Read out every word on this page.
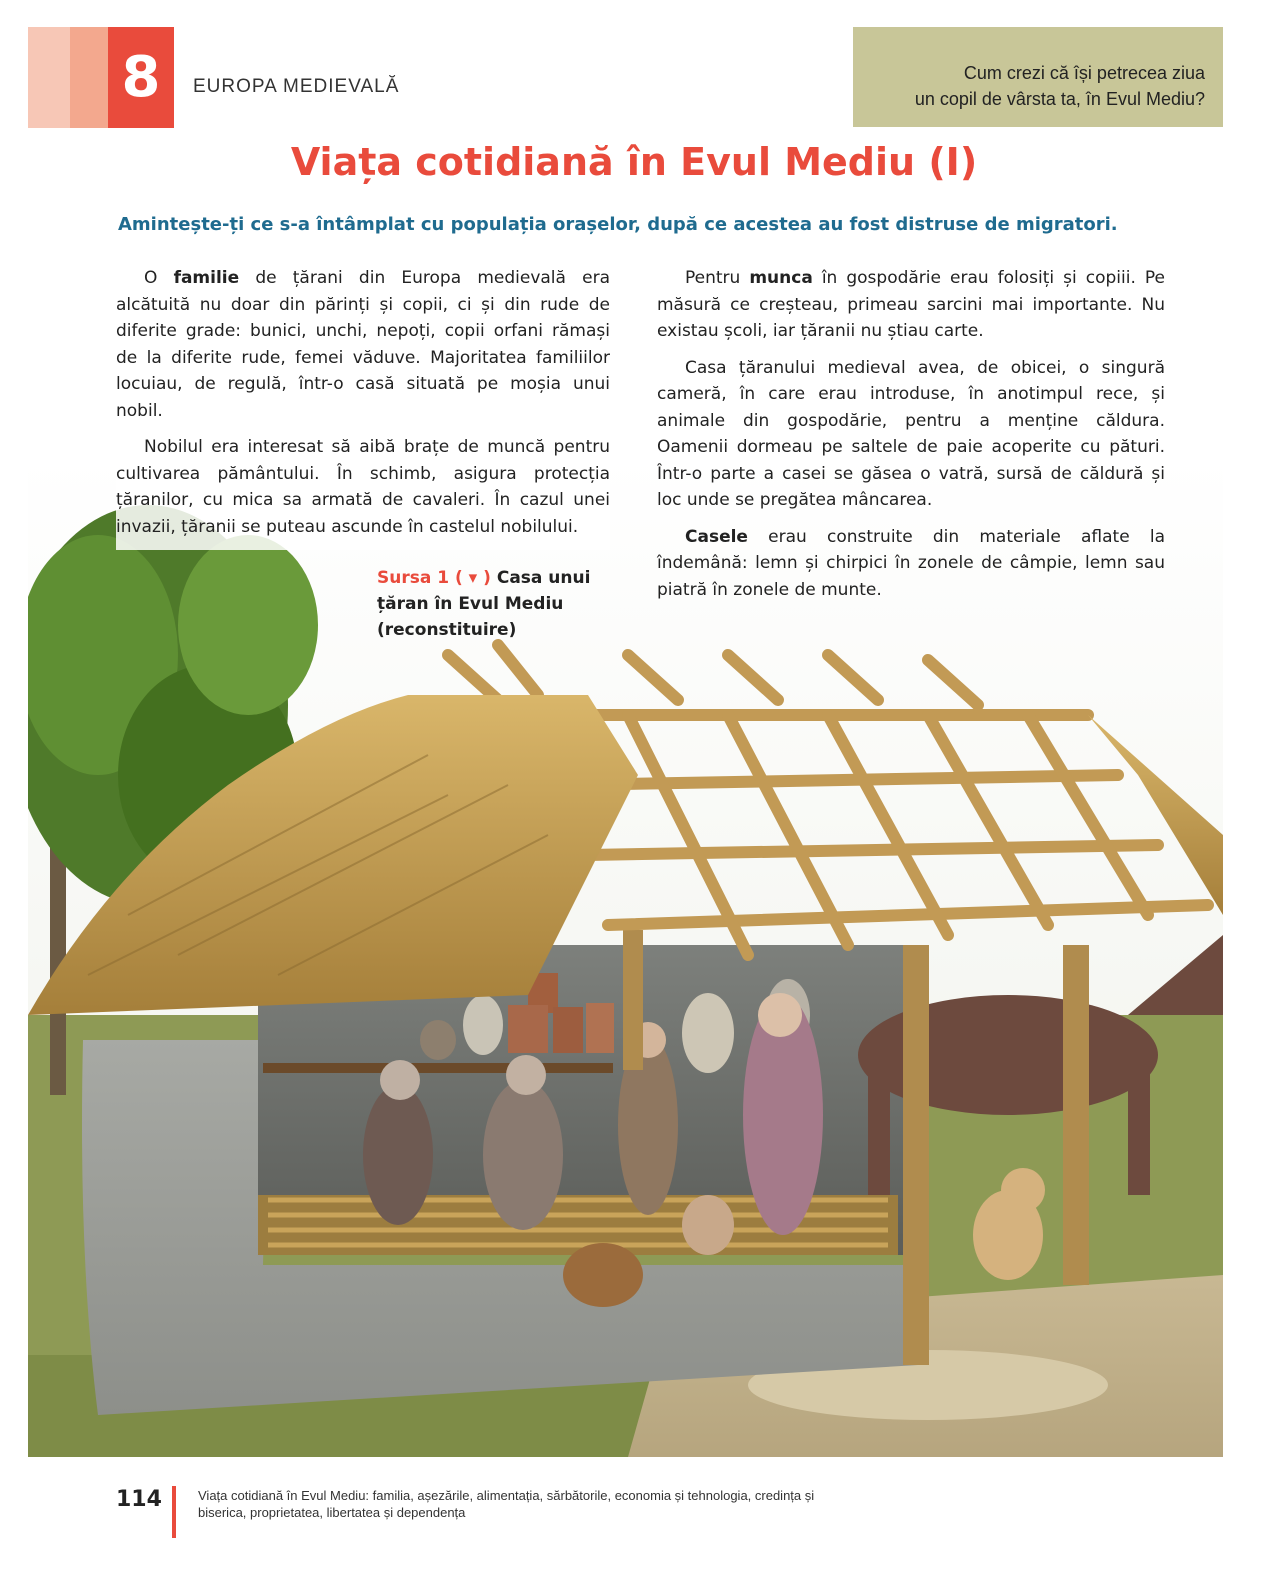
8	EUROPA MEDIEVALĂ
Cum crezi că își petrecea ziua
un copil de vârsta ta, în Evul Mediu?
Viața cotidiană în Evul Mediu (I)
Amintește-ți ce s-a întâmplat cu populația orașelor, după ce acestea au fost distruse de migratori.

O familie de țărani din Europa medievală era alcătuită nu doar din părinți și copii, ci și din rude de diferite grade: bunici, unchi, nepoți, copii orfani rămași de la diferite rude, femei văduve. Majoritatea familiilor locuiau, de regulă, într-o casă situată pe moșia unui nobil.

Nobilul era interesat să aibă brațe de muncă pentru cultivarea pământului. În schimb, asigura protecția țăranilor, cu mica sa armată de cavaleri. În cazul unei invazii, țăranii se puteau ascunde în castelul nobilului.

Pentru munca în gospodărie erau folosiți și copiii. Pe măsură ce creșteau, primeau sarcini mai importante. Nu existau școli, iar țăranii nu știau carte.

Casa țăranului medieval avea, de obicei, o singură cameră, în care erau introduse, în anotimpul rece, și animale din gospodărie, pentru a menține căldura. Oamenii dormeau pe saltele de paie acoperite cu pături. Într-o parte a casei se găsea o vatră, sursă de căldură și loc unde se pregătea mâncarea.

Casele erau construite din materiale aflate la îndemână: lemn și chirpici în zonele de câmpie, lemn sau piatră în zonele de munte.

Sursa 1 ( ▾ ) Casa unui țăran în Evul Mediu (reconstituire)
114	Viața cotidiană în Evul Mediu: familia, așezările, alimentația, sărbătorile, economia și tehnologia, credința și biserica, proprietatea, libertatea și dependența
